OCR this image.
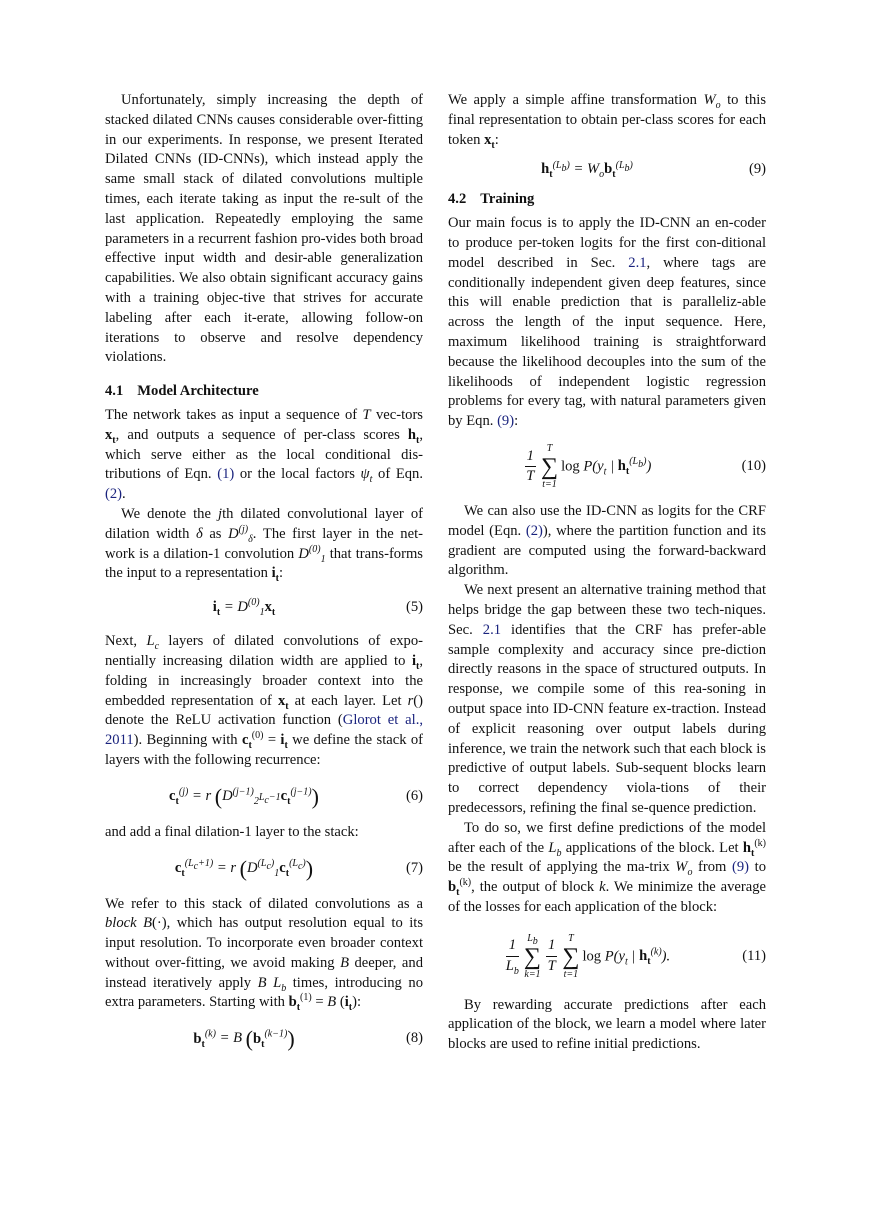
Unfortunately, simply increasing the depth of stacked dilated CNNs causes considerable over-fitting in our experiments. In response, we present Iterated Dilated CNNs (ID-CNNs), which instead apply the same small stack of dilated convolutions multiple times, each iterate taking as input the re-sult of the last application. Repeatedly employing the same parameters in a recurrent fashion pro-vides both broad effective input width and desir-able generalization capabilities. We also obtain significant accuracy gains with a training objec-tive that strives for accurate labeling after each it-erate, allowing follow-on iterations to observe and resolve dependency violations.

4.1 Model Architecture

The network takes as input a sequence of T vec-tors $x_t$, and outputs a sequence of per-class scores $h_t$, which serve either as the local conditional dis-tributions of Eqn. (1) or the local factors $\psi_t$ of Eqn. (2).

We denote the jth dilated convolutional layer of dilation width δ as $D^{(j)}_\delta$. The first layer in the net-work is a dilation-1 convolution $D^{(0)}_1$ that trans-forms the input to a representation $i_t$:

$i_t = D^{(0)}_1x_t$	(5)

Next, $L_c$ layers of dilated convolutions of expo-nentially increasing dilation width are applied to $i_t$, folding in increasingly broader context into the embedded representation of $x_t$ at each layer. Let r() denote the ReLU activation function (Glorot et al., 2011). Beginning with $c_t^{(0)} = i_t$ we define the stack of layers with the following recurrence:

$c_t^{(j)} = r$ $(D^{(j-1)}_{2^{L_c-1}}c_t^{(j-1)})$	(6)

and add a final dilation-1 layer to the stack:

$c_t^{(L_c+1)} = r$ $(D^{(L_c)}_1c_t^{(L_c)})$	(7)

We refer to this stack of dilated convolutions as a block B(·), which has output resolution equal to its input resolution. To incorporate even broader context without over-fitting, we avoid making B deeper, and instead iteratively apply B $L_b$ times, introducing no extra parameters. Starting with $b_t^{(1)} = B$ $(i_t)$:

$b_t^{(k)} = B$ $(b_t^{(k-1)})$	(8)

We apply a simple affine transformation $W_o$ to this final representation to obtain per-class scores for each token $x_t$:

$h_t^{(L_b)} = W_ob_t^{(L_b)}$	(9)
4.2 Training

Our main focus is to apply the ID-CNN an en-coder to produce per-token logits for the first con-ditional model described in Sec. 2.1, where tags are conditionally independent given deep features, since this will enable prediction that is paralleliz-able across the length of the input sequence. Here, maximum likelihood training is straightforward because the likelihood decouples into the sum of the likelihoods of independent logistic regression problems for every tag, with natural parameters given by Eqn. (9):

$\frac{1}{T}$	T
∑
t=1
$\log P(y_t$ | $h_t^{(L_b)}$)	(10)

We can also use the ID-CNN as logits for the CRF model (Eqn. (2)), where the partition function and its gradient are computed using the forward-backward algorithm.

We next present an alternative training method that helps bridge the gap between these two tech-niques. Sec. 2.1 identifies that the CRF has prefer-able sample complexity and accuracy since pre-diction directly reasons in the space of structured outputs. In response, we compile some of this rea-soning in output space into ID-CNN feature ex-traction. Instead of explicit reasoning over output labels during inference, we train the network such that each block is predictive of output labels. Sub-sequent blocks learn to correct dependency viola-tions of their predecessors, refining the final se-quence prediction.

To do so, we first define predictions of the model after each of the $L_b$ applications of the block. Let $h_t^{(k)}$ be the result of applying the ma-trix $W_o$ from (9) to $b_t^{(k)}$, the output of block k. We minimize the average of the losses for each application of the block:

$\frac{1}{L_b} L_b$
∑
$k=1 \frac{1}{T}$	T
∑
t=1
$\log P(y_t$ | $h_t^{(k)}$).	(11)

By rewarding accurate predictions after each application of the block, we learn a model where later blocks are used to refine initial predictions.
